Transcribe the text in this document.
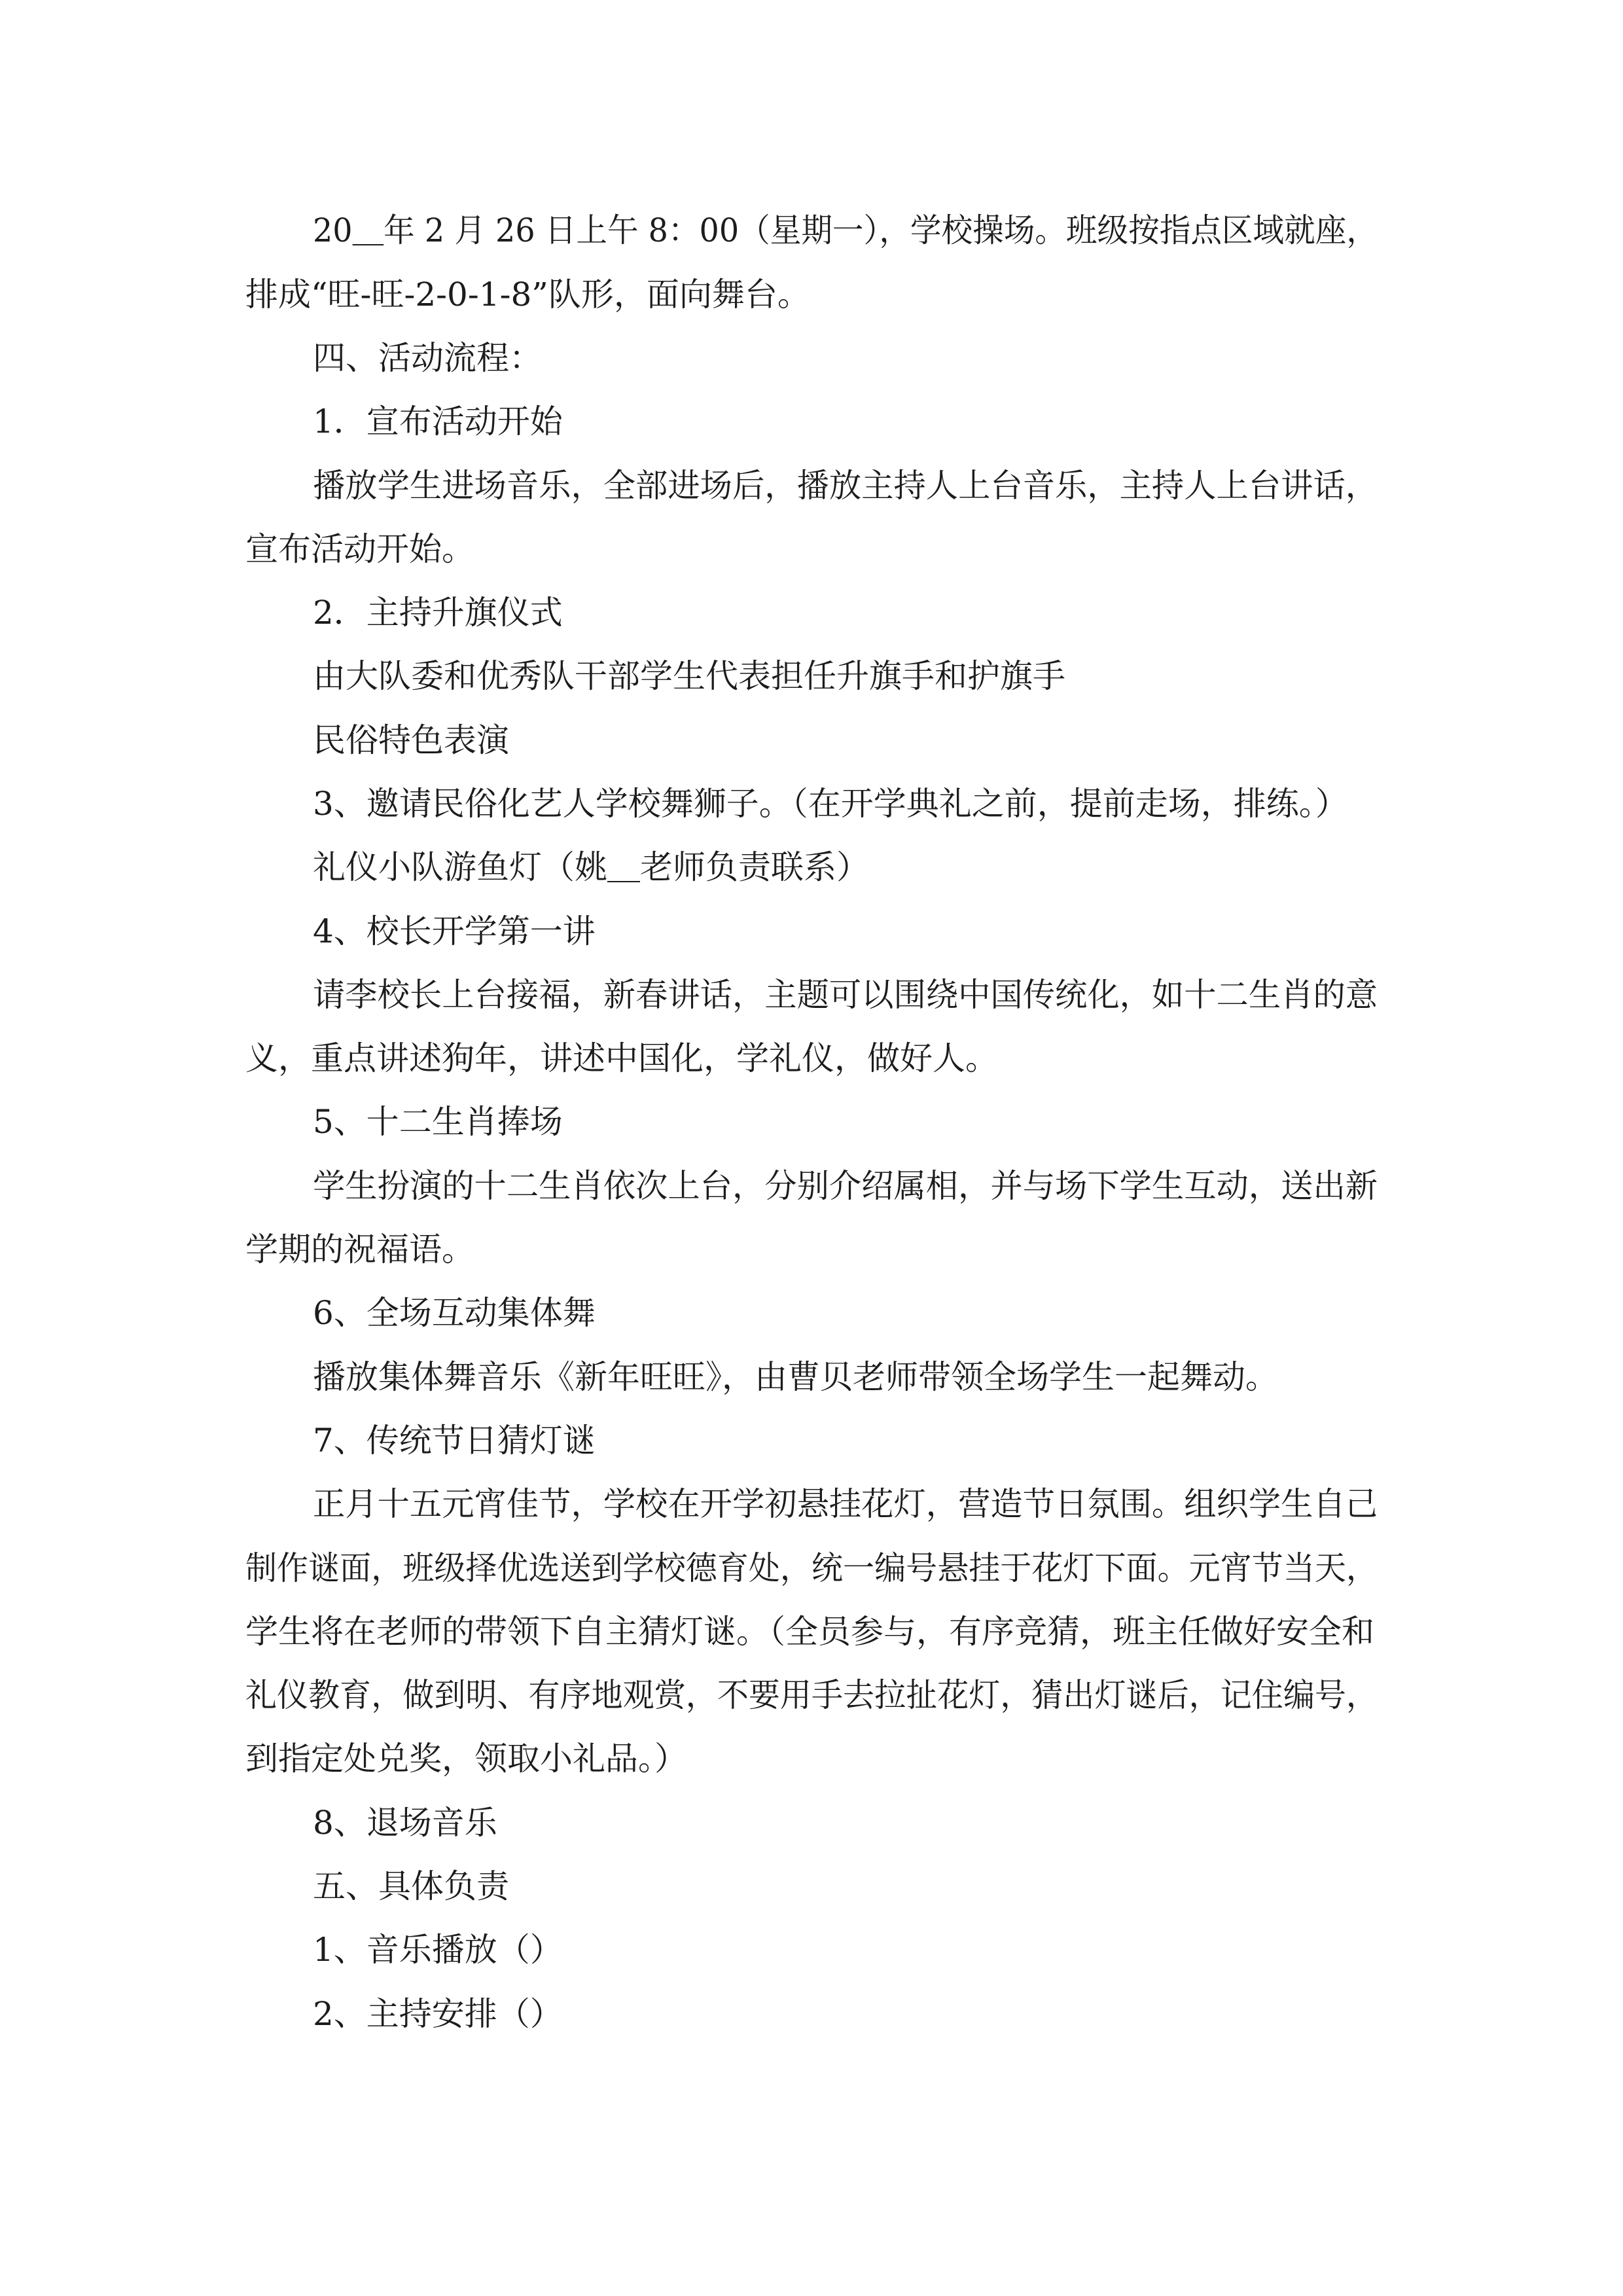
20＿年 2 月 26 日上午 8：00（星期一），学校操场。班级按指点区域就座，
排成“旺-旺-2-0-1-8”队形，面向舞台。
四、活动流程：
1．宣布活动开始
播放学生进场音乐，全部进场后，播放主持人上台音乐，主持人上台讲话，
宣布活动开始。
2．主持升旗仪式
由大队委和优秀队干部学生代表担任升旗手和护旗手
民俗特色表演
3、邀请民俗化艺人学校舞狮子。（在开学典礼之前，提前走场，排练。）
礼仪小队游鱼灯（姚＿老师负责联系）
4、校长开学第一讲
请李校长上台接福，新春讲话，主题可以围绕中国传统化，如十二生肖的意
义，重点讲述狗年，讲述中国化，学礼仪，做好人。
5、十二生肖捧场
学生扮演的十二生肖依次上台，分别介绍属相，并与场下学生互动，送出新
学期的祝福语。
6、全场互动集体舞
播放集体舞音乐《新年旺旺》，由曹贝老师带领全场学生一起舞动。
7、传统节日猜灯谜
正月十五元宵佳节，学校在开学初悬挂花灯，营造节日氛围。组织学生自己
制作谜面，班级择优选送到学校德育处，统一编号悬挂于花灯下面。元宵节当天，
学生将在老师的带领下自主猜灯谜。（全员参与，有序竞猜，班主任做好安全和
礼仪教育，做到明、有序地观赏，不要用手去拉扯花灯，猜出灯谜后，记住编号，
到指定处兑奖，领取小礼品。）
8、退场音乐
五、具体负责
1、音乐播放（）
2、主持安排（）
